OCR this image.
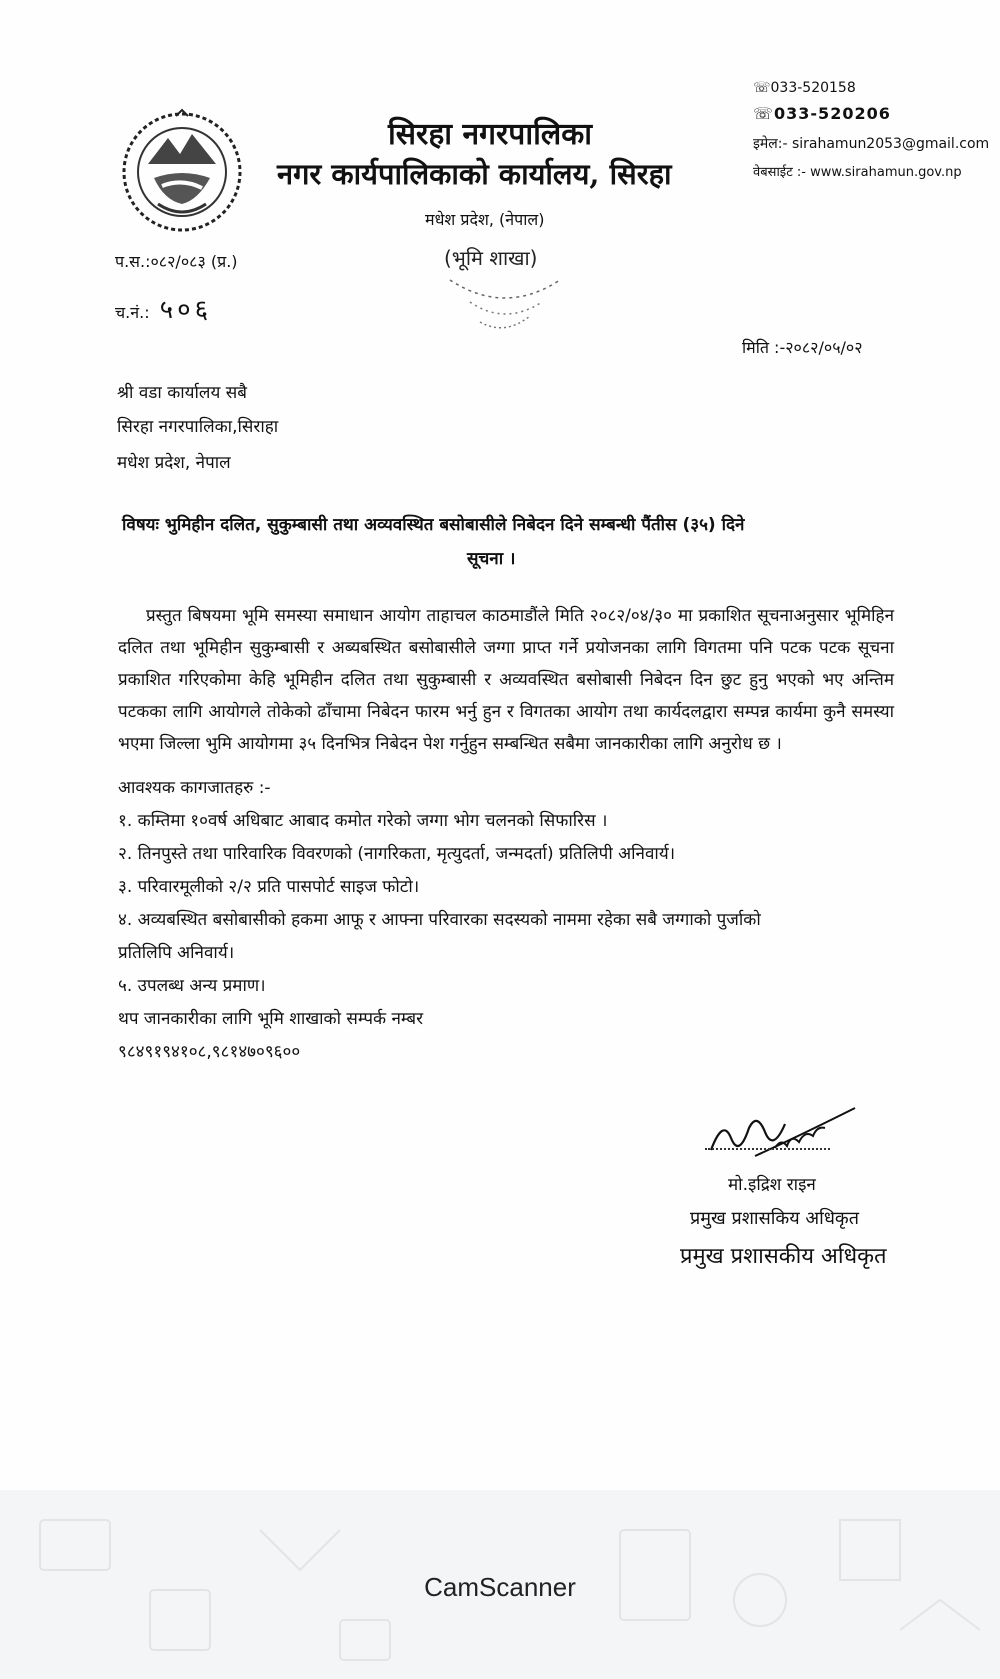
सिरहा नगरपालिका
नगर कार्यपालिकाको कार्यालय, सिरहा
मधेश प्रदेश, (नेपाल)
☏033-520158
☏033-520206
इमेल:- sirahamun2053@gmail.com
वेबसाईट :- www.sirahamun.gov.np
(भूमि शाखा)
प.स.:०८२/०८३ (प्र.)
च.नं.: ५०६
मिति :-२०८२/०५/०२
श्री वडा कार्यालय सबै
सिरहा नगरपालिका,सिराहा
मधेश प्रदेश, नेपाल
विषयः भुमिहीन दलित, सुकुम्बासी तथा अव्यवस्थित बसोबासीले निबेदन दिने सम्बन्धी पैंतीस (३५) दिने
सूचना ।
प्रस्तुत बिषयमा भूमि समस्या समाधान आयोग ताहाचल काठमाडौंले मिति २०८२/०४/३० मा प्रकाशित सूचनाअनुसार भूमिहिन दलित तथा भूमिहीन सुकुम्बासी र अब्यबस्थित बसोबासीले जग्गा प्राप्त गर्ने प्रयोजनका लागि विगतमा पनि पटक पटक सूचना प्रकाशित गरिएकोमा केहि भूमिहीन दलित तथा सुकुम्बासी र अव्यवस्थित बसोबासी निबेदन दिन छुट हुनु भएको भए अन्तिम पटकका लागि आयोगले तोकेको ढाँचामा निबेदन फारम भर्नु हुन र विगतका आयोग तथा कार्यदलद्वारा सम्पन्न कार्यमा कुनै समस्या भएमा जिल्ला भुमि आयोगमा ३५ दिनभित्र निबेदन पेश गर्नुहुन सम्बन्धित सबैमा जानकारीका लागि अनुरोध छ ।
आवश्यक कागजातहरु :-
१. कम्तिमा १०वर्ष अधिबाट आबाद कमोत गरेको जग्गा भोग चलनको सिफारिस ।
२. तिनपुस्ते तथा पारिवारिक विवरणको (नागरिकता, मृत्युदर्ता, जन्मदर्ता) प्रतिलिपी अनिवार्य।
३. परिवारमूलीको २/२ प्रति पासपोर्ट साइज फोटो।
४. अव्यबस्थित बसोबासीको हकमा आफू र आफ्ना परिवारका सदस्यको नाममा रहेका सबै जग्गाको पुर्जाको प्रतिलिपि अनिवार्य।
५. उपलब्ध अन्य प्रमाण।
थप जानकारीका लागि भूमि शाखाको सम्पर्क नम्बर
९८४९१९४१०८,९८१४७०९६००
मो.इद्रिश राइन
प्रमुख प्रशासकिय अधिकृत
प्रमुख प्रशासकीय अधिकृत
CamScanner
